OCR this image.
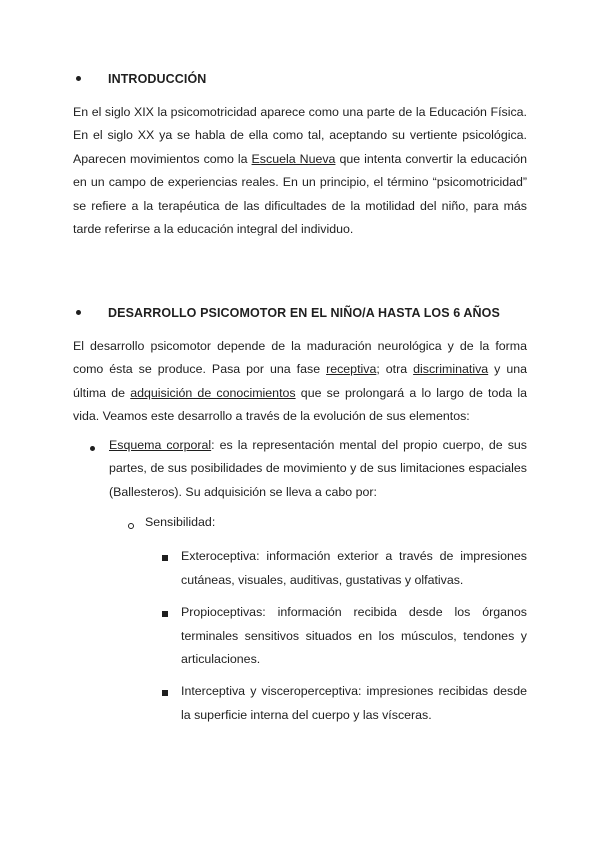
INTRODUCCIÓN
En el siglo XIX la psicomotricidad aparece como una parte de la Educación Física. En el siglo XX ya se habla de ella como tal, aceptando su vertiente psicológica. Aparecen movimientos como la Escuela Nueva que intenta convertir la educación en un campo de experiencias reales. En un principio, el término “psicomotricidad” se refiere a la terapéutica de las dificultades de la motilidad del niño, para más tarde referirse a la educación integral del individuo.
DESARROLLO PSICOMOTOR EN EL NIÑO/A HASTA LOS 6 AÑOS
El desarrollo psicomotor depende de la maduración neurológica y de la forma como ésta se produce. Pasa por una fase receptiva; otra discriminativa y una última de adquisición de conocimientos que se prolongará a lo largo de toda la vida. Veamos este desarrollo a través de la evolución de sus elementos:
Esquema corporal: es la representación mental del propio cuerpo, de sus partes, de sus posibilidades de movimiento y de sus limitaciones espaciales (Ballesteros). Su adquisición se lleva a cabo por:
Sensibilidad:
Exteroceptiva: información exterior a través de impresiones cutáneas, visuales, auditivas, gustativas y olfativas.
Propioceptivas: información recibida desde los órganos terminales sensitivos situados en los músculos, tendones y articulaciones.
Interceptiva y visceroperceptiva: impresiones recibidas desde la superficie interna del cuerpo y las vísceras.
